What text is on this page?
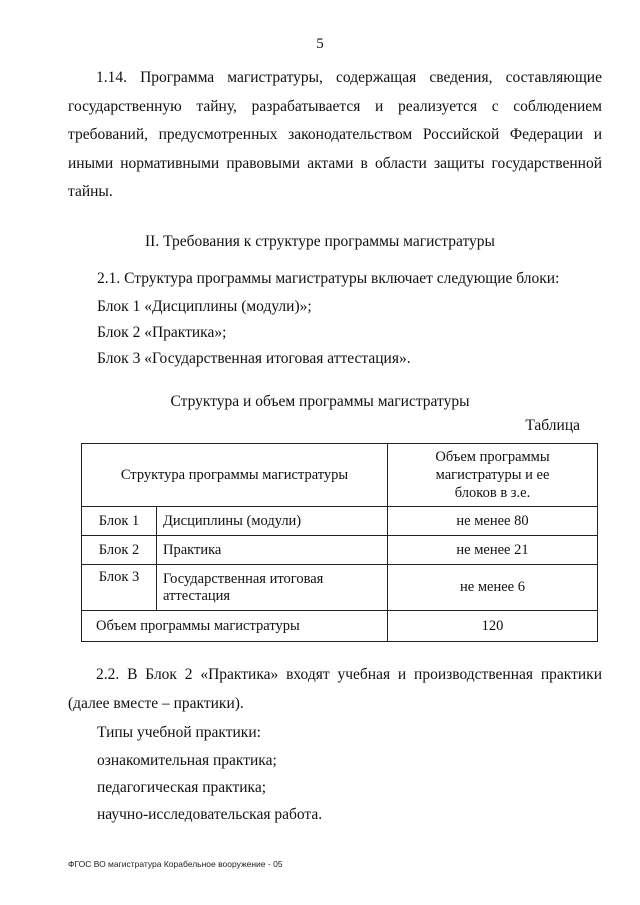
5
1.14. Программа магистратуры, содержащая сведения, составляющие государственную тайну, разрабатывается и реализуется с соблюдением требований, предусмотренных законодательством Российской Федерации и иными нормативными правовыми актами в области защиты государственной тайны.
II. Требования к структуре программы магистратуры
2.1. Структура программы магистратуры включает следующие блоки:
Блок 1 «Дисциплины (модули)»;
Блок 2 «Практика»;
Блок 3 «Государственная итоговая аттестация».
Структура и объем программы магистратуры
Таблица
Структура программы магистратуры		Объем программы магистратуры и ее блоков в з.е.

Блок 1	Дисциплины (модули)	не менее 80
Блок 2	Практика	не менее 21
Блок 3	Государственная итоговая аттестация	не менее 6
Объем программы магистратуры		120
2.2. В Блок 2 «Практика» входят учебная и производственная практики (далее вместе – практики).
Типы учебной практики:
ознакомительная практика;
педагогическая практика;
научно-исследовательская работа.
ФГОС ВО магистратура Корабельное вооружение - 05
